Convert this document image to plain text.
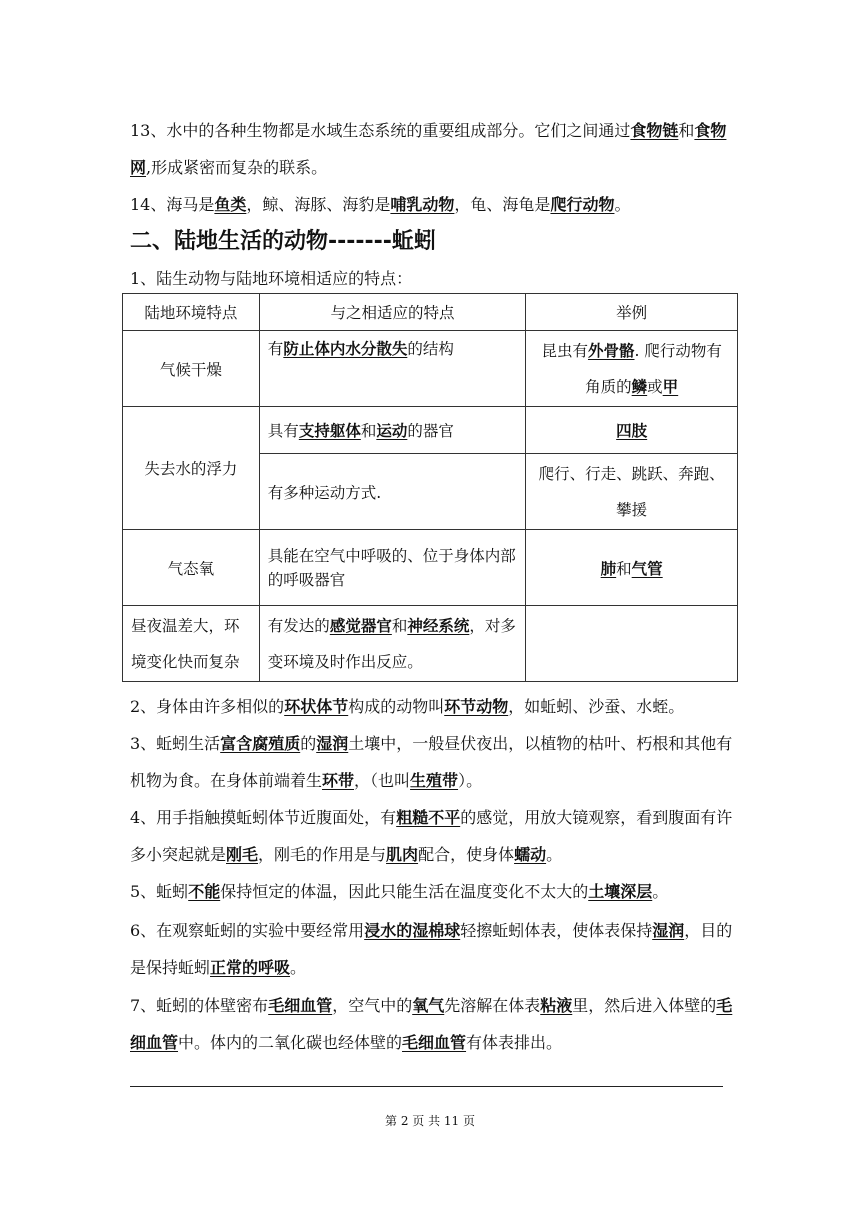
13、水中的各种生物都是水域生态系统的重要组成部分。它们之间通过食物链和食物网,形成紧密而复杂的联系。

14、海马是鱼类，鲸、海豚、海豹是哺乳动物，龟、海龟是爬行动物。

二、陆地生活的动物-------蚯蚓

1、陆生动物与陆地环境相适应的特点：

陆地环境特点	与之相适应的特点	举例
气候干燥	有防止体内水分散失的结构	昆虫有外骨骼. 爬行动物有角质的鳞或甲
失去水的浮力	具有支持躯体和运动的器官	四肢
	有多种运动方式.	爬行、行走、跳跃、奔跑、攀援
气态氧	具能在空气中呼吸的、位于身体内部的呼吸器官	肺和气管
昼夜温差大，环境变化快而复杂	有发达的感觉器官和神经系统，对多变环境及时作出反应。	

2、身体由许多相似的环状体节构成的动物叫环节动物，如蚯蚓、沙蚕、水蛭。

3、蚯蚓生活富含腐殖质的湿润土壤中，一般昼伏夜出，以植物的枯叶、朽根和其他有机物为食。在身体前端着生环带，（也叫生殖带）。

4、用手指触摸蚯蚓体节近腹面处，有粗糙不平的感觉，用放大镜观察，看到腹面有许多小突起就是刚毛，刚毛的作用是与肌肉配合，使身体蠕动。

5、蚯蚓不能保持恒定的体温，因此只能生活在温度变化不太大的土壤深层。

6、在观察蚯蚓的实验中要经常用浸水的湿棉球轻擦蚯蚓体表，使体表保持湿润，目的是保持蚯蚓正常的呼吸。

7、蚯蚓的体壁密布毛细血管，空气中的氧气先溶解在体表粘液里，然后进入体壁的毛细血管中。体内的二氧化碳也经体壁的毛细血管有体表排出。

第 2 页 共 11 页
